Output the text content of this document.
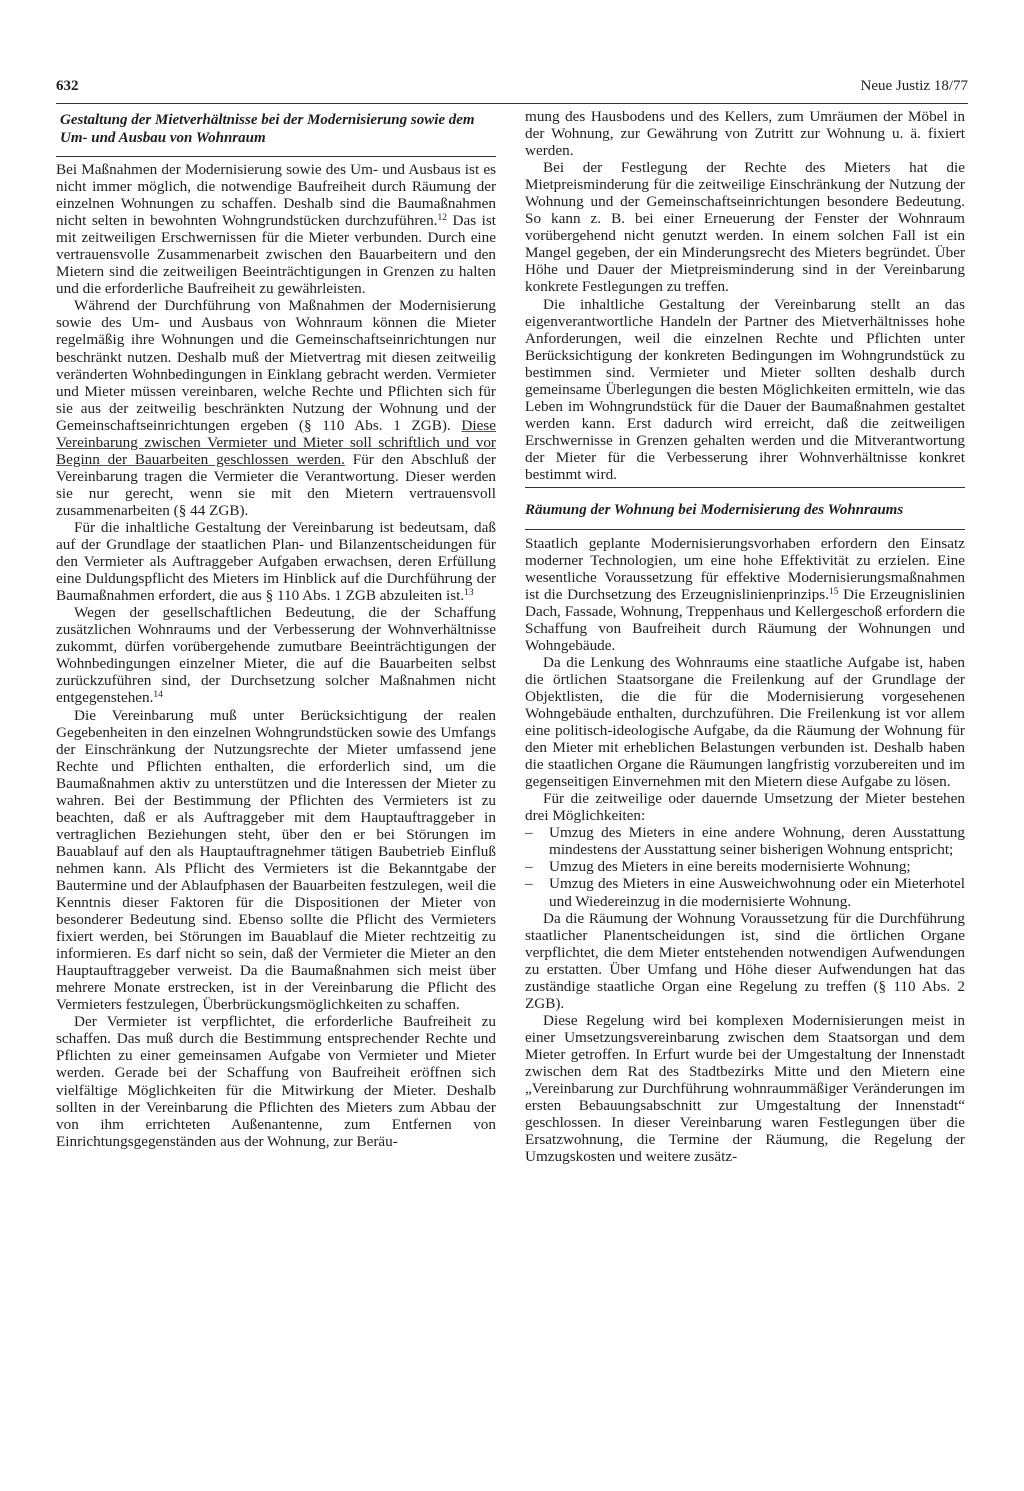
632	Neue Justiz 18/77
Gestaltung der Mietverhältnisse bei der Modernisierung sowie dem Um- und Ausbau von Wohnraum

Bei Maßnahmen der Modernisierung sowie des Um- und Ausbaus ist es nicht immer möglich, die notwendige Baufreiheit durch Räumung der einzelnen Wohnungen zu schaffen. Deshalb sind die Baumaßnahmen nicht selten in bewohnten Wohngrundstücken durchzuführen.$^{12}$ Das ist mit zeitweiligen Erschwernissen für die Mieter verbunden. Durch eine vertrauensvolle Zusammenarbeit zwischen den Bauarbeitern und den Mietern sind die zeitweiligen Beeinträchtigungen in Grenzen zu halten und die erforderliche Baufreiheit zu gewährleisten.

Während der Durchführung von Maßnahmen der Modernisierung sowie des Um- und Ausbaus von Wohnraum können die Mieter regelmäßig ihre Wohnungen und die Gemeinschaftseinrichtungen nur beschränkt nutzen. Deshalb muß der Mietvertrag mit diesen zeitweilig veränderten Wohnbedingungen in Einklang gebracht werden. Vermieter und Mieter müssen vereinbaren, welche Rechte und Pflichten sich für sie aus der zeitweilig beschränkten Nutzung der Wohnung und der Gemeinschaftseinrichtungen ergeben (§ 110 Abs. 1 ZGB). Diese Vereinbarung zwischen Vermieter und Mieter soll schriftlich und vor Beginn der Bauarbeiten geschlossen werden. Für den Abschluß der Vereinbarung tragen die Vermieter die Verantwortung. Dieser werden sie nur gerecht, wenn sie mit den Mietern vertrauensvoll zusammenarbeiten (§ 44 ZGB).

Für die inhaltliche Gestaltung der Vereinbarung ist bedeutsam, daß auf der Grundlage der staatlichen Plan- und Bilanzentscheidungen für den Vermieter als Auftraggeber Aufgaben erwachsen, deren Erfüllung eine Duldungspflicht des Mieters im Hinblick auf die Durchführung der Baumaßnahmen erfordert, die aus § 110 Abs. 1 ZGB abzuleiten ist.$^{13}$

Wegen der gesellschaftlichen Bedeutung, die der Schaffung zusätzlichen Wohnraums und der Verbesserung der Wohnverhältnisse zukommt, dürfen vorübergehende zumutbare Beeinträchtigungen der Wohnbedingungen einzelner Mieter, die auf die Bauarbeiten selbst zurückzuführen sind, der Durchsetzung solcher Maßnahmen nicht entgegenstehen.$^{14}$

Die Vereinbarung muß unter Berücksichtigung der realen Gegebenheiten in den einzelnen Wohngrundstücken sowie des Umfangs der Einschränkung der Nutzungsrechte der Mieter umfassend jene Rechte und Pflichten enthalten, die erforderlich sind, um die Baumaßnahmen aktiv zu unterstützen und die Interessen der Mieter zu wahren. Bei der Bestimmung der Pflichten des Vermieters ist zu beachten, daß er als Auftraggeber mit dem Hauptauftraggeber in vertraglichen Beziehungen steht, über den er bei Störungen im Bauablauf auf den als Hauptauftragnehmer tätigen Baubetrieb Einfluß nehmen kann. Als Pflicht des Vermieters ist die Bekanntgabe der Bautermine und der Ablaufphasen der Bauarbeiten festzulegen, weil die Kenntnis dieser Faktoren für die Dispositionen der Mieter von besonderer Bedeutung sind. Ebenso sollte die Pflicht des Vermieters fixiert werden, bei Störungen im Bauablauf die Mieter rechtzeitig zu informieren. Es darf nicht so sein, daß der Vermieter die Mieter an den Hauptauftraggeber verweist. Da die Baumaßnahmen sich meist über mehrere Monate erstrecken, ist in der Vereinbarung die Pflicht des Vermieters festzulegen, Überbrückungsmöglichkeiten zu schaffen.

Der Vermieter ist verpflichtet, die erforderliche Baufreiheit zu schaffen. Das muß durch die Bestimmung entsprechender Rechte und Pflichten zu einer gemeinsamen Aufgabe von Vermieter und Mieter werden. Gerade bei der Schaffung von Baufreiheit eröffnen sich vielfältige Möglichkeiten für die Mitwirkung der Mieter. Deshalb sollten in der Vereinbarung die Pflichten des Mieters zum Abbau der von ihm errichteten Außenantenne, zum Entfernen von Einrichtungsgegenständen aus der Wohnung, zur Beräu-

mung des Hausbodens und des Kellers, zum Umräumen der Möbel in der Wohnung, zur Gewährung von Zutritt zur Wohnung u. ä. fixiert werden.

Bei der Festlegung der Rechte des Mieters hat die Mietpreisminderung für die zeitweilige Einschränkung der Nutzung der Wohnung und der Gemeinschaftseinrichtungen besondere Bedeutung. So kann z. B. bei einer Erneuerung der Fenster der Wohnraum vorübergehend nicht genutzt werden. In einem solchen Fall ist ein Mangel gegeben, der ein Minderungsrecht des Mieters begründet. Über Höhe und Dauer der Mietpreisminderung sind in der Vereinbarung konkrete Festlegungen zu treffen.

Die inhaltliche Gestaltung der Vereinbarung stellt an das eigenverantwortliche Handeln der Partner des Mietverhältnisses hohe Anforderungen, weil die einzelnen Rechte und Pflichten unter Berücksichtigung der konkreten Bedingungen im Wohngrundstück zu bestimmen sind. Vermieter und Mieter sollten deshalb durch gemeinsame Überlegungen die besten Möglichkeiten ermitteln, wie das Leben im Wohngrundstück für die Dauer der Baumaßnahmen gestaltet werden kann. Erst dadurch wird erreicht, daß die zeitweiligen Erschwernisse in Grenzen gehalten werden und die Mitverantwortung der Mieter für die Verbesserung ihrer Wohnverhältnisse konkret bestimmt wird.

Räumung der Wohnung bei Modernisierung des Wohnraums

Staatlich geplante Modernisierungsvorhaben erfordern den Einsatz moderner Technologien, um eine hohe Effektivität zu erzielen. Eine wesentliche Voraussetzung für effektive Modernisierungsmaßnahmen ist die Durchsetzung des Erzeugnislinienprinzips.$^{15}$ Die Erzeugnislinien Dach, Fassade, Wohnung, Treppenhaus und Kellergeschoß erfordern die Schaffung von Baufreiheit durch Räumung der Wohnungen und Wohngebäude.

Da die Lenkung des Wohnraums eine staatliche Aufgabe ist, haben die örtlichen Staatsorgane die Freilenkung auf der Grundlage der Objektlisten, die die für die Modernisierung vorgesehenen Wohngebäude enthalten, durchzuführen. Die Freilenkung ist vor allem eine politisch-ideologische Aufgabe, da die Räumung der Wohnung für den Mieter mit erheblichen Belastungen verbunden ist. Deshalb haben die staatlichen Organe die Räumungen langfristig vorzubereiten und im gegenseitigen Einvernehmen mit den Mietern diese Aufgabe zu lösen.

Für die zeitweilige oder dauernde Umsetzung der Mieter bestehen drei Möglichkeiten:

–	Umzug des Mieters in eine andere Wohnung, deren Ausstattung mindestens der Ausstattung seiner bisherigen Wohnung entspricht;
–	Umzug des Mieters in eine bereits modernisierte Wohnung;
–	Umzug des Mieters in eine Ausweichwohnung oder ein Mieterhotel und Wiedereinzug in die modernisierte Wohnung.

Da die Räumung der Wohnung Voraussetzung für die Durchführung staatlicher Planentscheidungen ist, sind die örtlichen Organe verpflichtet, die dem Mieter entstehenden notwendigen Aufwendungen zu erstatten. Über Umfang und Höhe dieser Aufwendungen hat das zuständige staatliche Organ eine Regelung zu treffen (§ 110 Abs. 2 ZGB).

Diese Regelung wird bei komplexen Modernisierungen meist in einer Umsetzungsvereinbarung zwischen dem Staatsorgan und dem Mieter getroffen. In Erfurt wurde bei der Umgestaltung der Innenstadt zwischen dem Rat des Stadtbezirks Mitte und den Mietern eine „Vereinbarung zur Durchführung wohnraummäßiger Veränderungen im ersten Bebauungsabschnitt zur Umgestaltung der Innenstadt“ geschlossen. In dieser Vereinbarung waren Festlegungen über die Ersatzwohnung, die Termine der Räumung, die Regelung der Umzugskosten und weitere zusätz-
